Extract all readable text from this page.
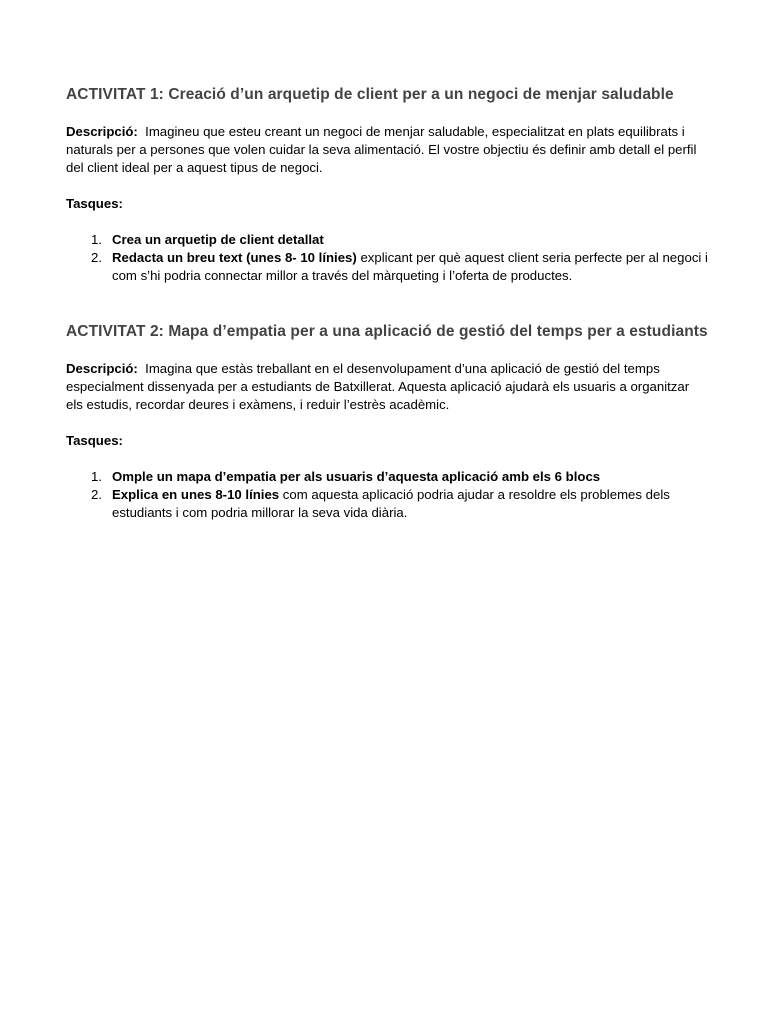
ACTIVITAT 1: Creació d’un arquetip de client per a un negoci de menjar saludable

Descripció: Imagineu que esteu creant un negoci de menjar saludable, especialitzat en plats equilibrats i naturals per a persones que volen cuidar la seva alimentació. El vostre objectiu és definir amb detall el perfil del client ideal per a aquest tipus de negoci.

Tasques:

1. Crea un arquetip de client detallat
2. Redacta un breu text (unes 8- 10 línies) explicant per què aquest client seria perfecte per al negoci i com s’hi podria connectar millor a través del màrqueting i l’oferta de productes.
ACTIVITAT 2: Mapa d’empatia per a una aplicació de gestió del temps per a estudiants

Descripció: Imagina que estàs treballant en el desenvolupament d’una aplicació de gestió del temps especialment dissenyada per a estudiants de Batxillerat. Aquesta aplicació ajudarà els usuaris a organitzar els estudis, recordar deures i exàmens, i reduir l’estrès acadèmic.

Tasques:

1. Omple un mapa d’empatia per als usuaris d’aquesta aplicació amb els 6 blocs
2. Explica en unes 8-10 línies com aquesta aplicació podria ajudar a resoldre els problemes dels estudiants i com podria millorar la seva vida diària.
